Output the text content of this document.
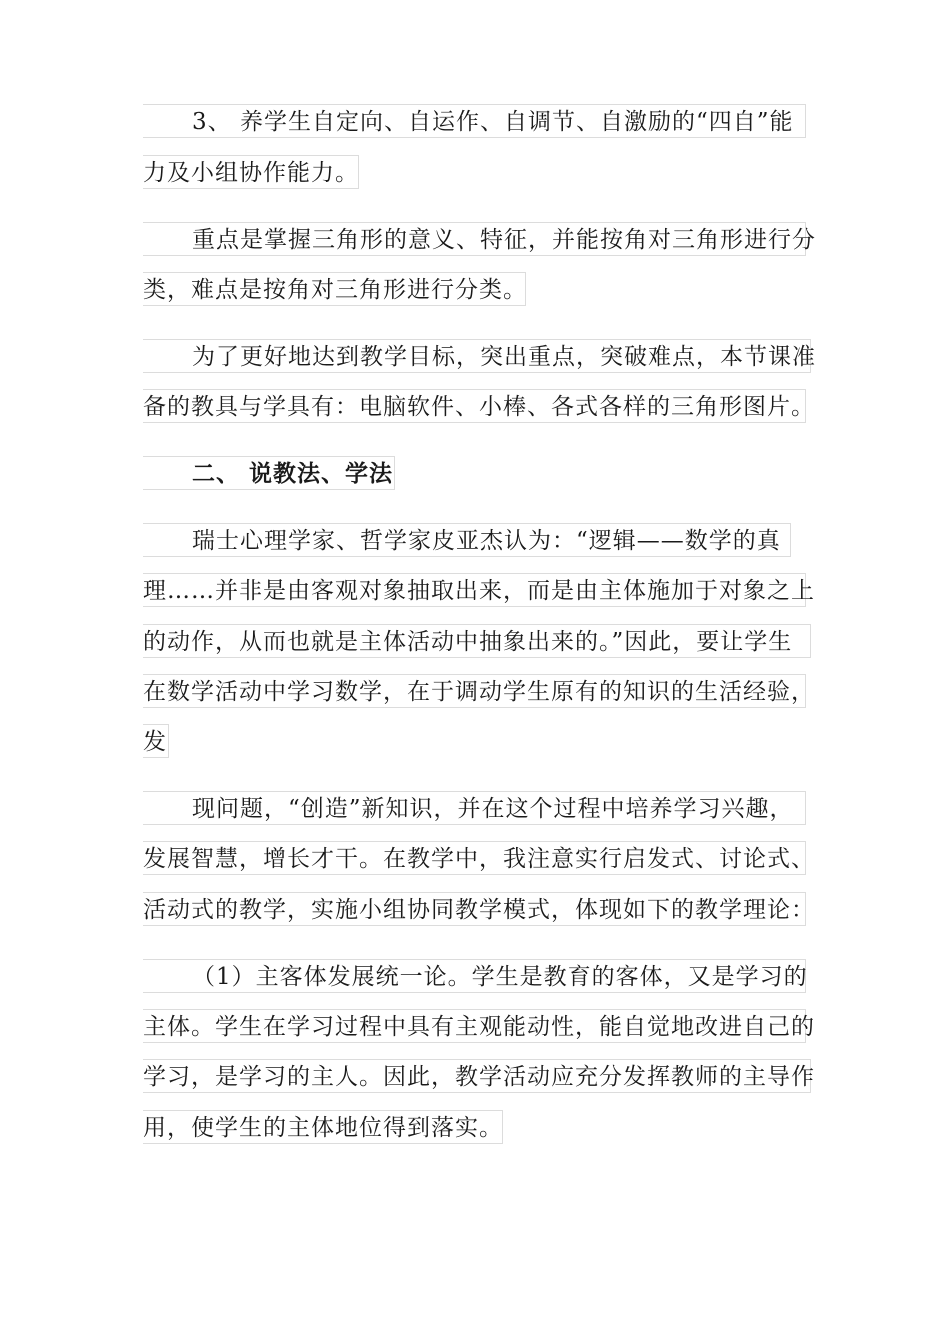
3、 养学生自定向、自运作、自调节、自激励的“四自”能
力及小组协作能力。
重点是掌握三角形的意义、特征，并能按角对三角形进行分
类，难点是按角对三角形进行分类。
为了更好地达到教学目标，突出重点，突破难点，本节课准
备的教具与学具有：电脑软件、小棒、各式各样的三角形图片。
二、 说教法、学法
瑞士心理学家、哲学家皮亚杰认为：“逻辑——数学的真
理……并非是由客观对象抽取出来，而是由主体施加于对象之上
的动作，从而也就是主体活动中抽象出来的。”因此，要让学生
在数学活动中学习数学，在于调动学生原有的知识的生活经验，
发
现问题，“创造”新知识，并在这个过程中培养学习兴趣，
发展智慧，增长才干。在教学中，我注意实行启发式、讨论式、
活动式的教学，实施小组协同教学模式，体现如下的教学理论：
（1）主客体发展统一论。学生是教育的客体，又是学习的
主体。学生在学习过程中具有主观能动性，能自觉地改进自己的
学习，是学习的主人。因此，教学活动应充分发挥教师的主导作
用，使学生的主体地位得到落实。
